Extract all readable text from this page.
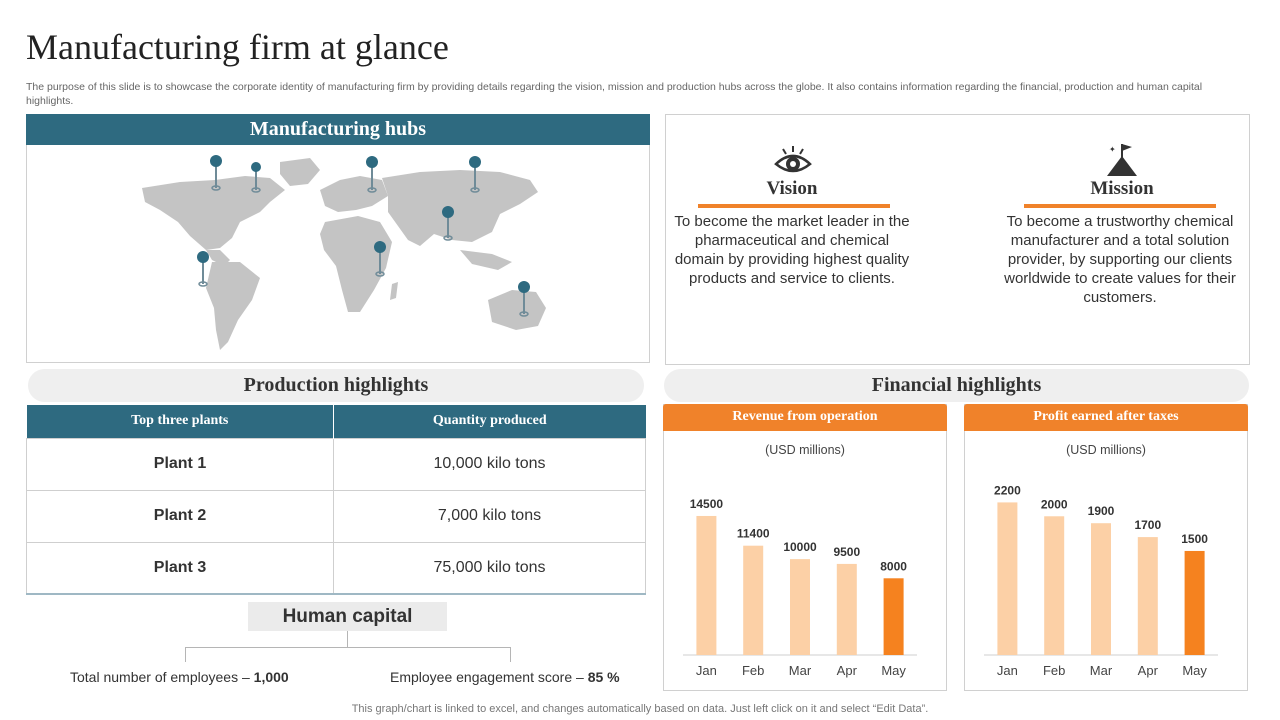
Manufacturing firm at glance
The purpose of this slide is to showcase the corporate identity of manufacturing firm by providing details regarding the vision, mission and production hubs across the globe. It also contains information regarding the financial, production and human capital highlights.
Manufacturing hubs
Vision
To become the market leader in the pharmaceutical and chemical domain by providing highest quality products and service to clients.
✦
Mission
To become a trustworthy chemical manufacturer and a total solution provider, by supporting our clients worldwide to create values for their customers.
Production highlights
Top three plants	Quantity produced
Plant 1	10,000 kilo tons
Plant 2	7,000 kilo tons
Plant 3	75,000 kilo tons
Human capital
Total number of employees – 1,000	Employee engagement score – 85 %
Financial highlights
Revenue from operation
(USD millions)
14500
Jan
11400
Feb
10000
Mar
9500
Apr
8000
May
Profit earned after taxes
(USD millions)
2200
Jan
2000
Feb
1900
Mar
1700
Apr
1500
May
This graph/chart is linked to excel, and changes automatically based on data. Just left click on it and select “Edit Data”.
